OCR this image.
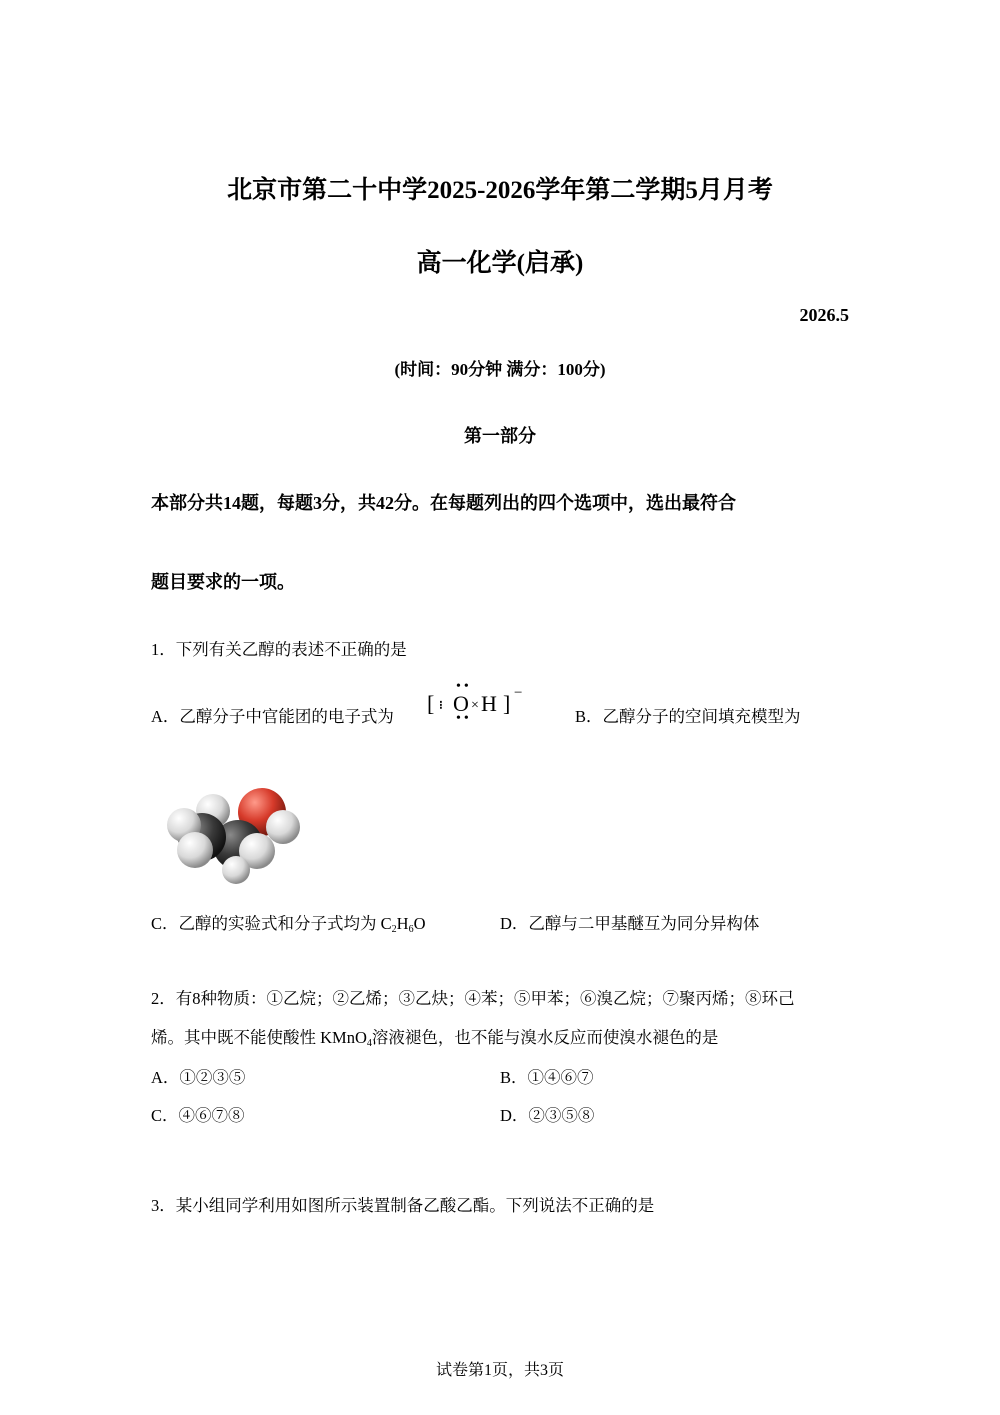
北京市第二十中学2025-2026学年第二学期5月月考
高一化学(启承)
2026.5
(时间：90分钟 满分：100分)
第一部分
本部分共14题，每题3分，共42分。在每题列出的四个选项中，选出最符合
题目要求的一项。
1．下列有关乙醇的表述不正确的是
A．乙醇分子中官能团的电子式为
[ ⁝
••
O
••
× H ] −
B．乙醇分子的空间填充模型为
C．乙醇的实验式和分子式均为 $C_2H_6O$	D．乙醇与二甲基醚互为同分异构体
2．有8种物质：①乙烷；②乙烯；③乙炔；④苯；⑤甲苯；⑥溴乙烷；⑦聚丙烯；⑧环己
烯。其中既不能使酸性 KMnO$_4$溶液褪色，也不能与溴水反应而使溴水褪色的是
A．①②③⑤	B．①④⑥⑦
C．④⑥⑦⑧	D．②③⑤⑧
3．某小组同学利用如图所示装置制备乙酸乙酯。下列说法不正确的是
试卷第1页，共3页
